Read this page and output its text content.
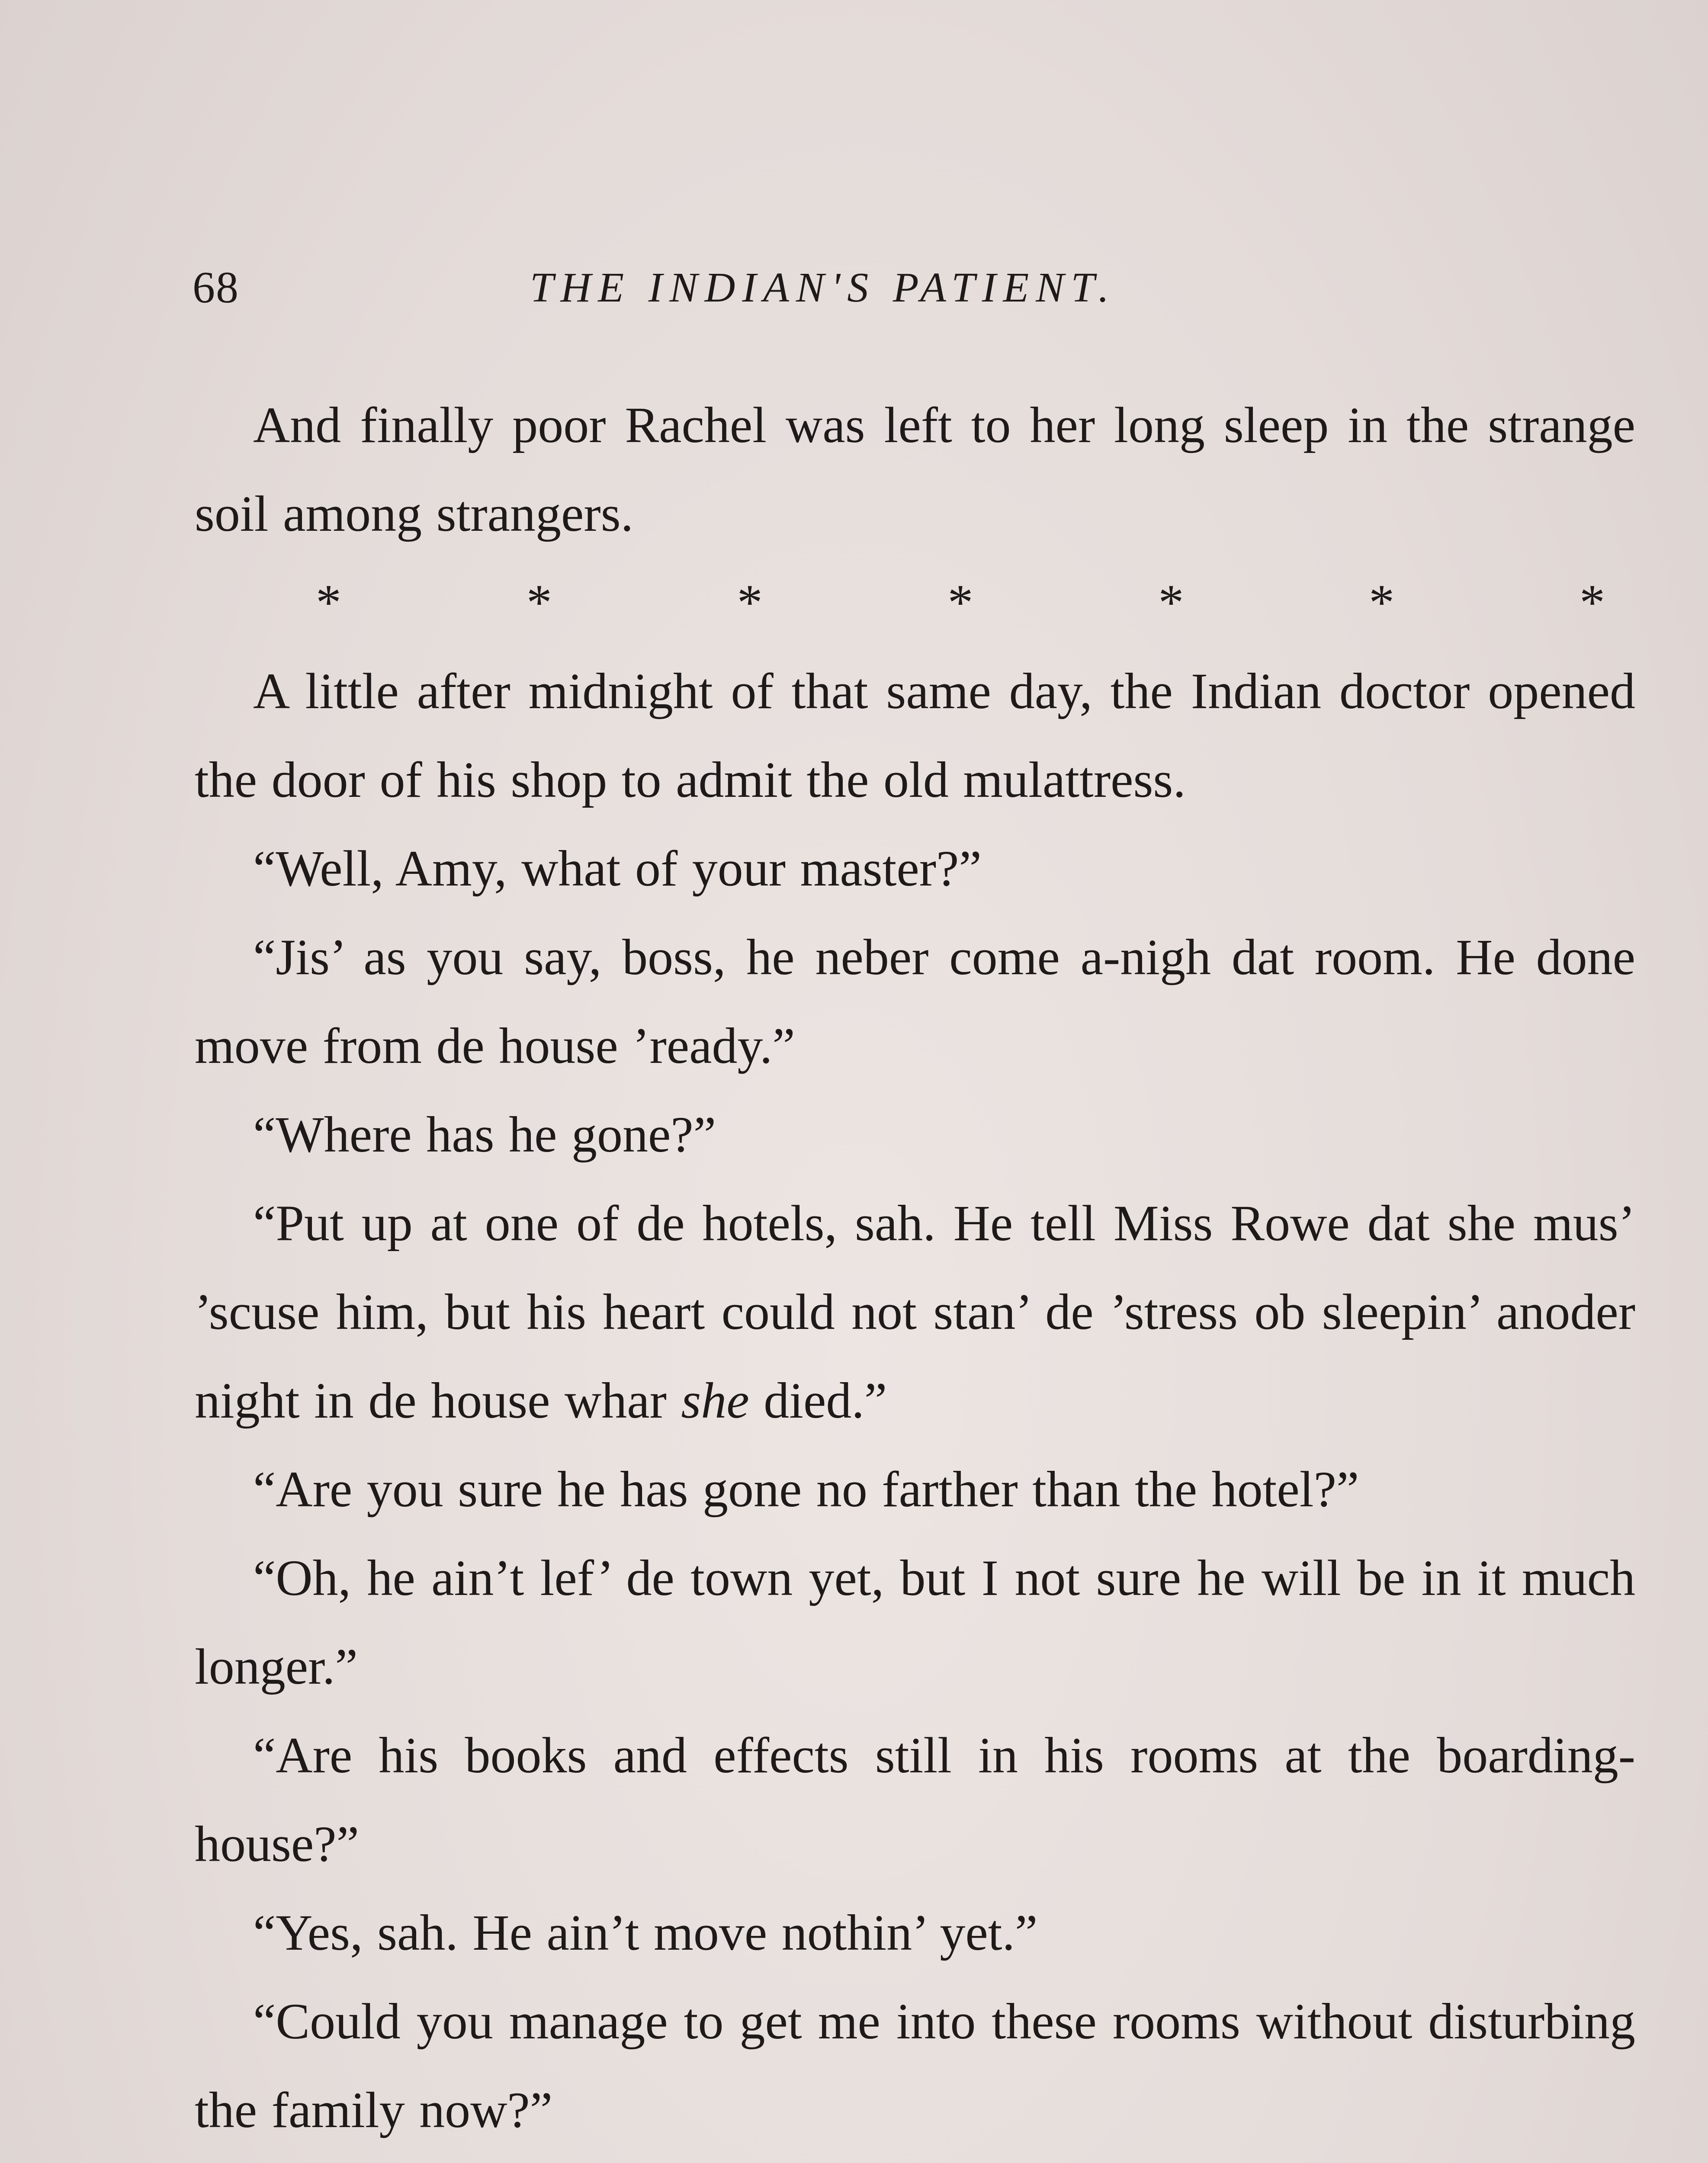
68	THE INDIAN'S PATIENT.

And finally poor Rachel was left to her long sleep in the strange soil among strangers.

*	*	*	*	*	*	*

A little after midnight of that same day, the Indian doctor opened the door of his shop to admit the old mulattress.

“Well, Amy, what of your master?”

“Jis’ as you say, boss, he neber come a-nigh dat room. He done move from de house ’ready.”

“Where has he gone?”

“Put up at one of de hotels, sah. He tell Miss Rowe dat she mus’ ’scuse him, but his heart could not stan’ de ’stress ob sleepin’ anoder night in de house whar she died.”

“Are you sure he has gone no farther than the hotel?”

“Oh, he ain’t lef’ de town yet, but I not sure he will be in it much longer.”

“Are his books and effects still in his rooms at the boarding-house?”

“Yes, sah. He ain’t move nothin’ yet.”

“Could you manage to get me into these rooms without disturbing the family now?”
